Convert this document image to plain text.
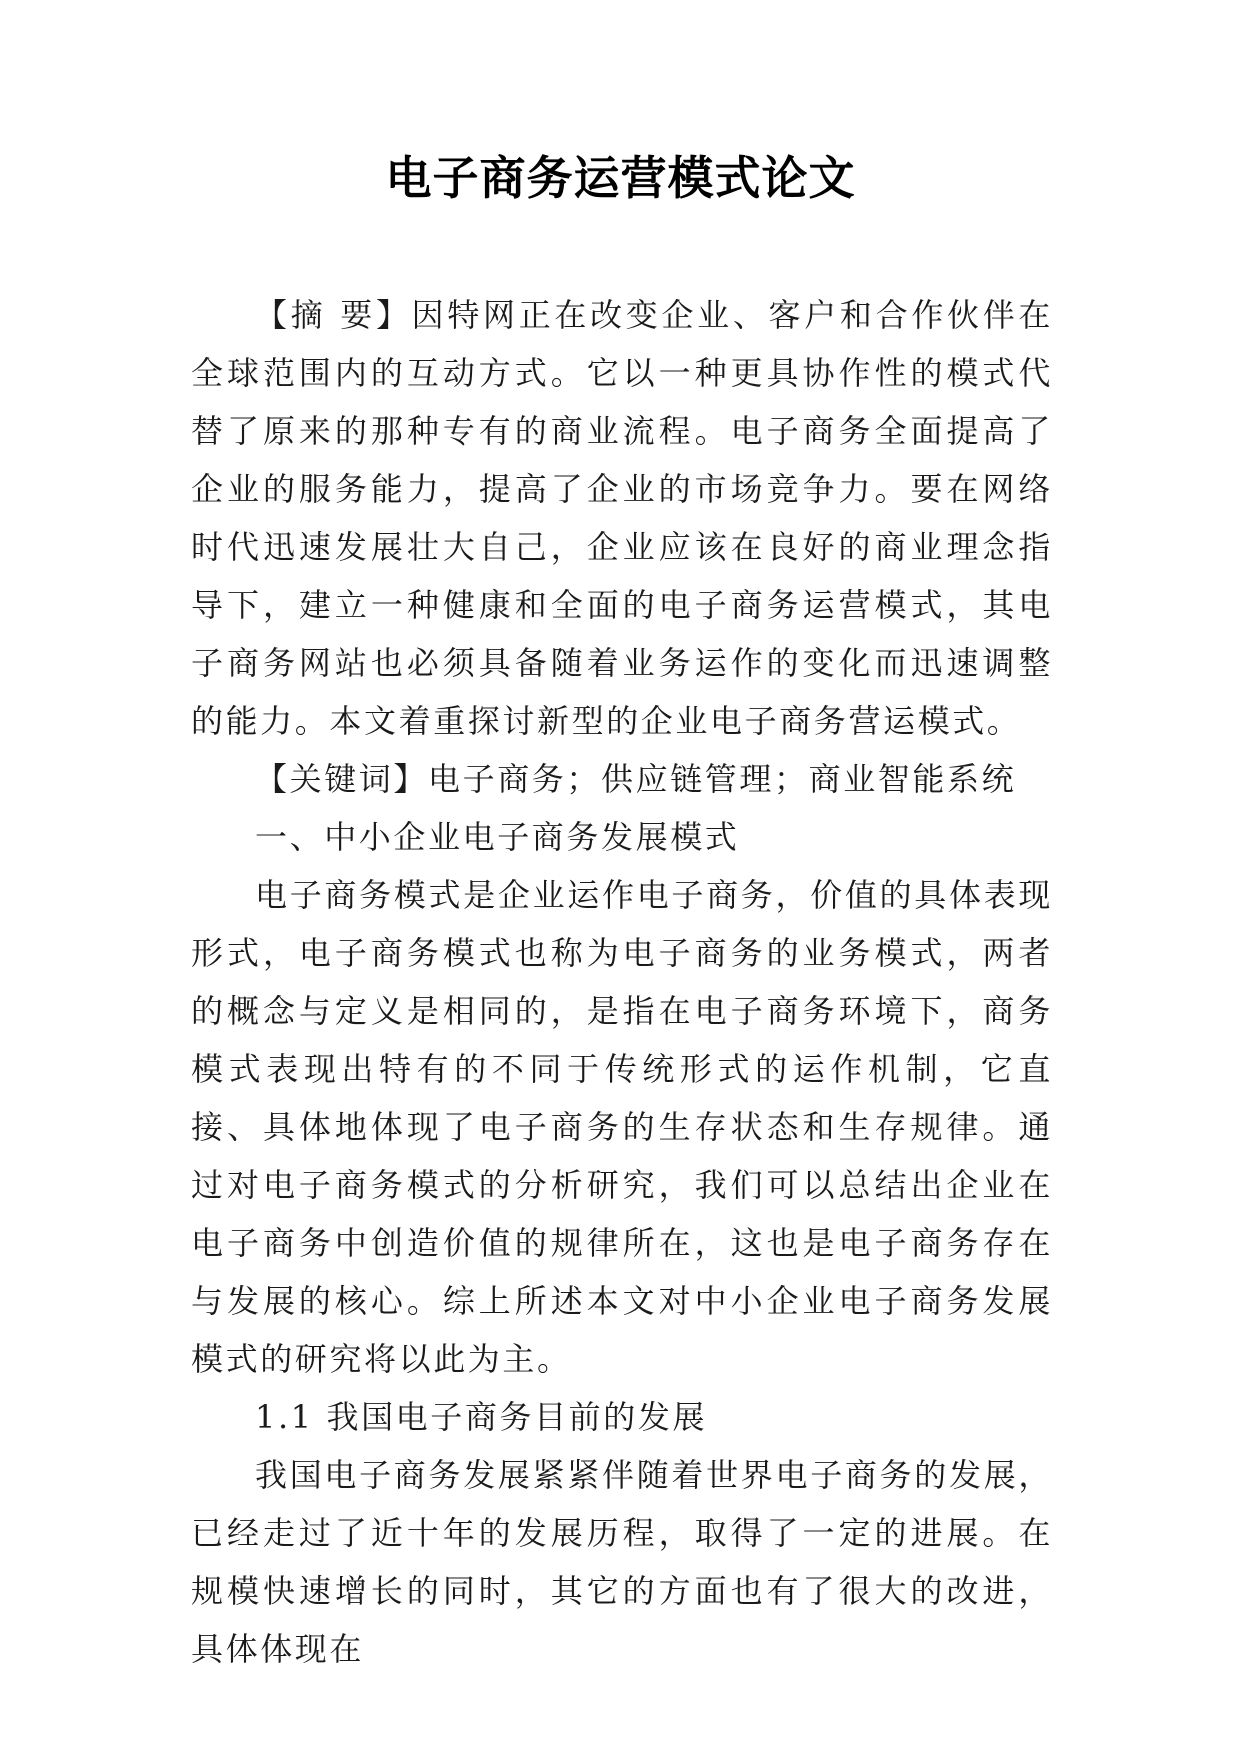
电子商务运营模式论文

【摘 要】因特网正在改变企业、客户和合作伙伴在全球范围内的互动方式。它以一种更具协作性的模式代替了原来的那种专有的商业流程。电子商务全面提高了企业的服务能力，提高了企业的市场竞争力。要在网络时代迅速发展壮大自己，企业应该在良好的商业理念指导下，建立一种健康和全面的电子商务运营模式，其电子商务网站也必须具备随着业务运作的变化而迅速调整的能力。本文着重探讨新型的企业电子商务营运模式。

【关键词】电子商务；供应链管理；商业智能系统

一、中小企业电子商务发展模式

电子商务模式是企业运作电子商务，价值的具体表现形式，电子商务模式也称为电子商务的业务模式，两者的概念与定义是相同的，是指在电子商务环境下，商务模式表现出特有的不同于传统形式的运作机制，它直接、具体地体现了电子商务的生存状态和生存规律。通过对电子商务模式的分析研究，我们可以总结出企业在电子商务中创造价值的规律所在，这也是电子商务存在与发展的核心。综上所述本文对中小企业电子商务发展模式的研究将以此为主。

1.1 我国电子商务目前的发展

我国电子商务发展紧紧伴随着世界电子商务的发展，已经走过了近十年的发展历程，取得了一定的进展。在规模快速增长的同时，其它的方面也有了很大的改进，具体体现在
